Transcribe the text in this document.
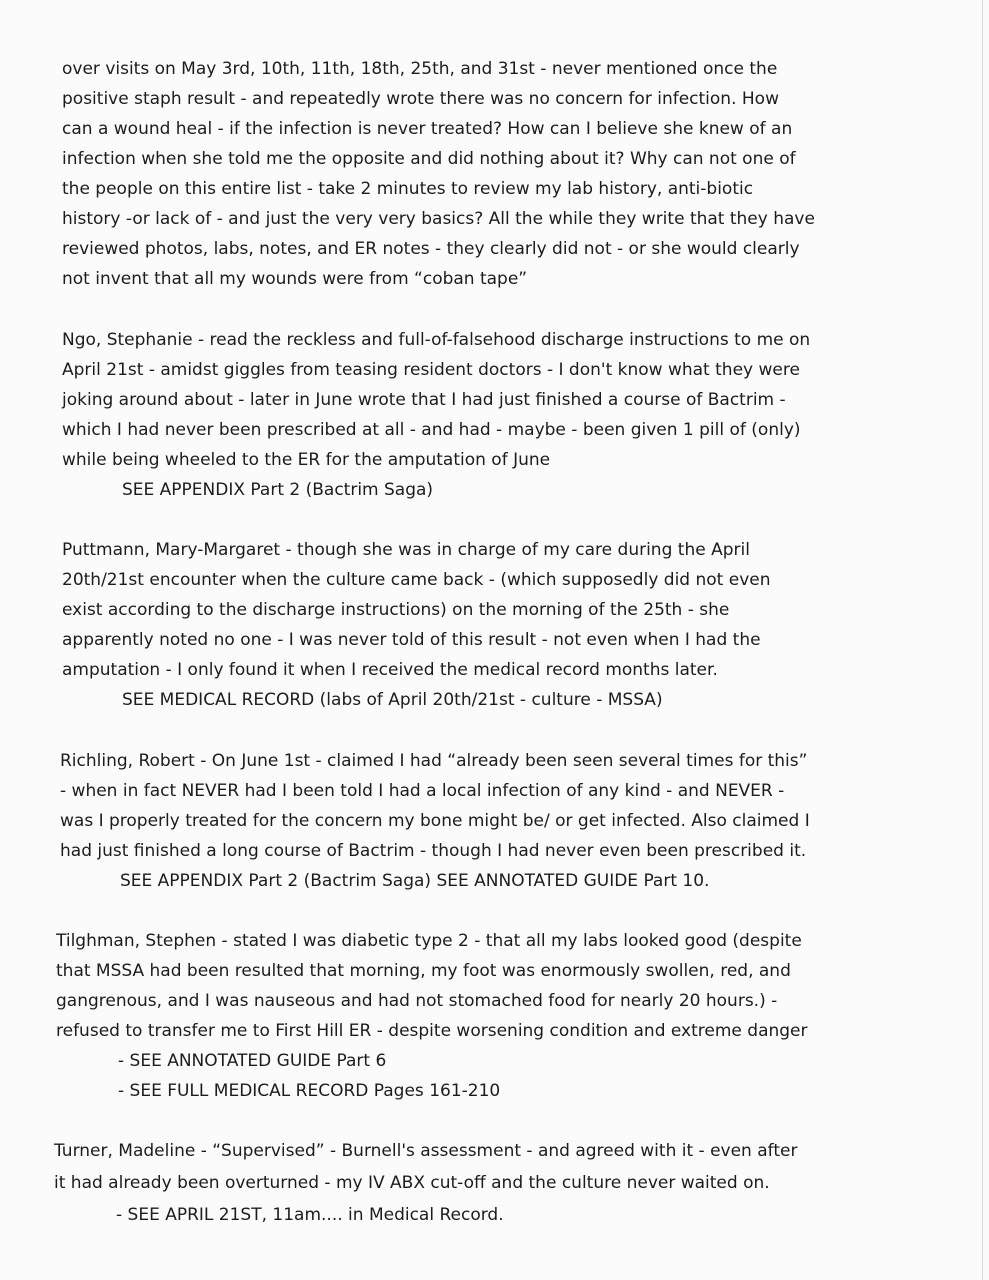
over visits on May 3rd, 10th, 11th, 18th, 25th, and 31st - never mentioned once the
positive staph result - and repeatedly wrote there was no concern for infection. How
can a wound heal - if the infection is never treated? How can I believe she knew of an
infection when she told me the opposite and did nothing about it? Why can not one of
the people on this entire list - take 2 minutes to review my lab history, anti-biotic
history -or lack of - and just the very very basics? All the while they write that they have
reviewed photos, labs, notes, and ER notes - they clearly did not - or she would clearly
not invent that all my wounds were from “coban tape”
Ngo, Stephanie - read the reckless and full-of-falsehood discharge instructions to me on
April 21st - amidst giggles from teasing resident doctors - I don't know what they were
joking around about - later in June wrote that I had just finished a course of Bactrim -
which I had never been prescribed at all - and had - maybe - been given 1 pill of (only)
while being wheeled to the ER for the amputation of June
SEE APPENDIX Part 2 (Bactrim Saga)
Puttmann, Mary-Margaret - though she was in charge of my care during the April
20th/21st encounter when the culture came back - (which supposedly did not even
exist according to the discharge instructions) on the morning of the 25th - she
apparently noted no one - I was never told of this result - not even when I had the
amputation - I only found it when I received the medical record months later.
SEE MEDICAL RECORD (labs of April 20th/21st - culture - MSSA)
Richling, Robert - On June 1st - claimed I had “already been seen several times for this”
- when in fact NEVER had I been told I had a local infection of any kind - and NEVER -
was I properly treated for the concern my bone might be/ or get infected. Also claimed I
had just finished a long course of Bactrim - though I had never even been prescribed it.
SEE APPENDIX Part 2 (Bactrim Saga) SEE ANNOTATED GUIDE Part 10.
Tilghman, Stephen - stated I was diabetic type 2 - that all my labs looked good (despite
that MSSA had been resulted that morning, my foot was enormously swollen, red, and
gangrenous, and I was nauseous and had not stomached food for nearly 20 hours.) -
refused to transfer me to First Hill ER - despite worsening condition and extreme danger
- SEE ANNOTATED GUIDE Part 6
- SEE FULL MEDICAL RECORD Pages 161-210
Turner, Madeline - “Supervised” - Burnell's assessment - and agreed with it - even after
it had already been overturned - my IV ABX cut-off and the culture never waited on.
- SEE APRIL 21ST, 11am.... in Medical Record.
